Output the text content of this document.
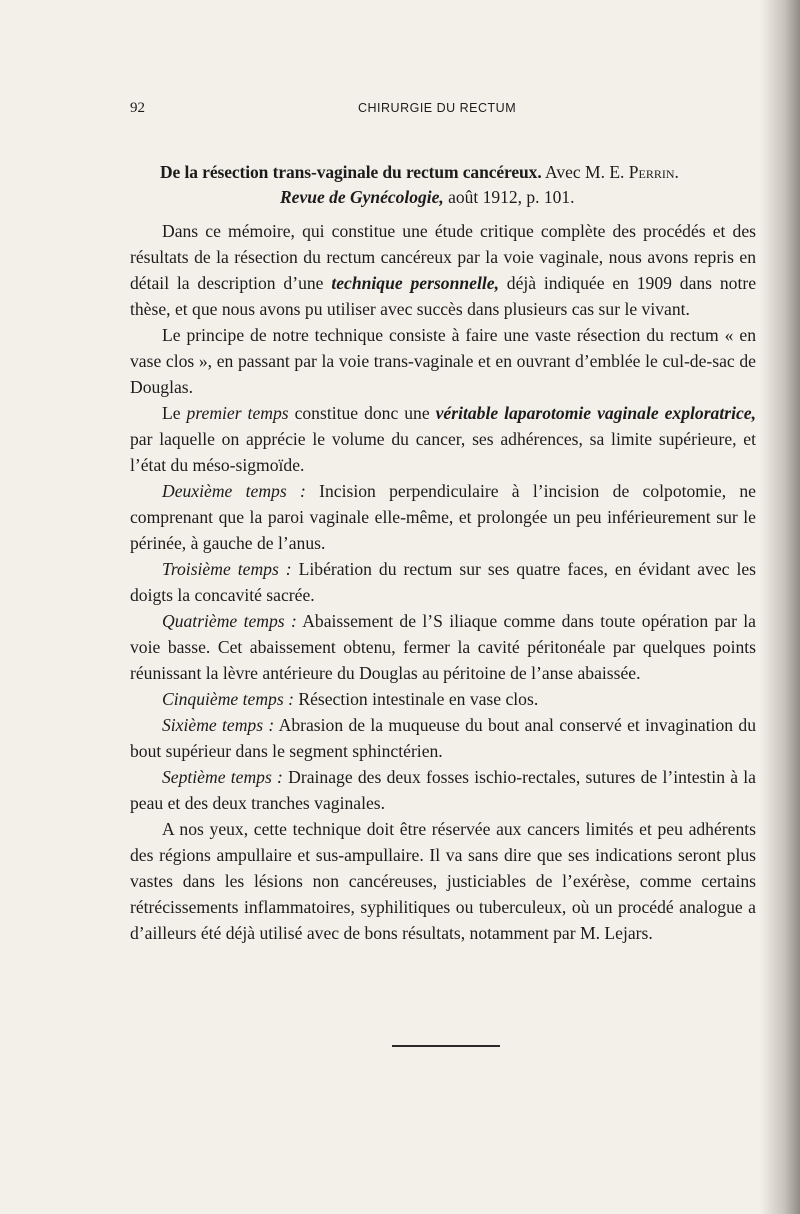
92	CHIRURGIE DU RECTUM
De la résection trans-vaginale du rectum cancéreux. Avec M. E. Perrin.
Revue de Gynécologie, août 1912, p. 101.

Dans ce mémoire, qui constitue une étude critique complète des procédés et des résultats de la résection du rectum cancéreux par la voie vaginale, nous avons repris en détail la description d’une technique personnelle, déjà indiquée en 1909 dans notre thèse, et que nous avons pu utiliser avec succès dans plusieurs cas sur le vivant.

Le principe de notre technique consiste à faire une vaste résection du rectum « en vase clos », en passant par la voie trans-vaginale et en ouvrant d’emblée le cul-de-sac de Douglas.

Le premier temps constitue donc une véritable laparotomie vaginale exploratrice, par laquelle on apprécie le volume du cancer, ses adhérences, sa limite supérieure, et l’état du méso-sigmoïde.

Deuxième temps : Incision perpendiculaire à l’incision de colpotomie, ne comprenant que la paroi vaginale elle-même, et prolongée un peu inférieurement sur le périnée, à gauche de l’anus.

Troisième temps : Libération du rectum sur ses quatre faces, en évidant avec les doigts la concavité sacrée.

Quatrième temps : Abaissement de l’S iliaque comme dans toute opération par la voie basse. Cet abaissement obtenu, fermer la cavité péritonéale par quelques points réunissant la lèvre antérieure du Douglas au péritoine de l’anse abaissée.

Cinquième temps : Résection intestinale en vase clos.

Sixième temps : Abrasion de la muqueuse du bout anal conservé et invagination du bout supérieur dans le segment sphinctérien.

Septième temps : Drainage des deux fosses ischio-rectales, sutures de l’intestin à la peau et des deux tranches vaginales.

A nos yeux, cette technique doit être réservée aux cancers limités et peu adhérents des régions ampullaire et sus-ampullaire. Il va sans dire que ses indications seront plus vastes dans les lésions non cancéreuses, justiciables de l’exérèse, comme certains rétrécissements inflammatoires, syphilitiques ou tuberculeux, où un procédé analogue a d’ailleurs été déjà utilisé avec de bons résultats, notamment par M. Lejars.
